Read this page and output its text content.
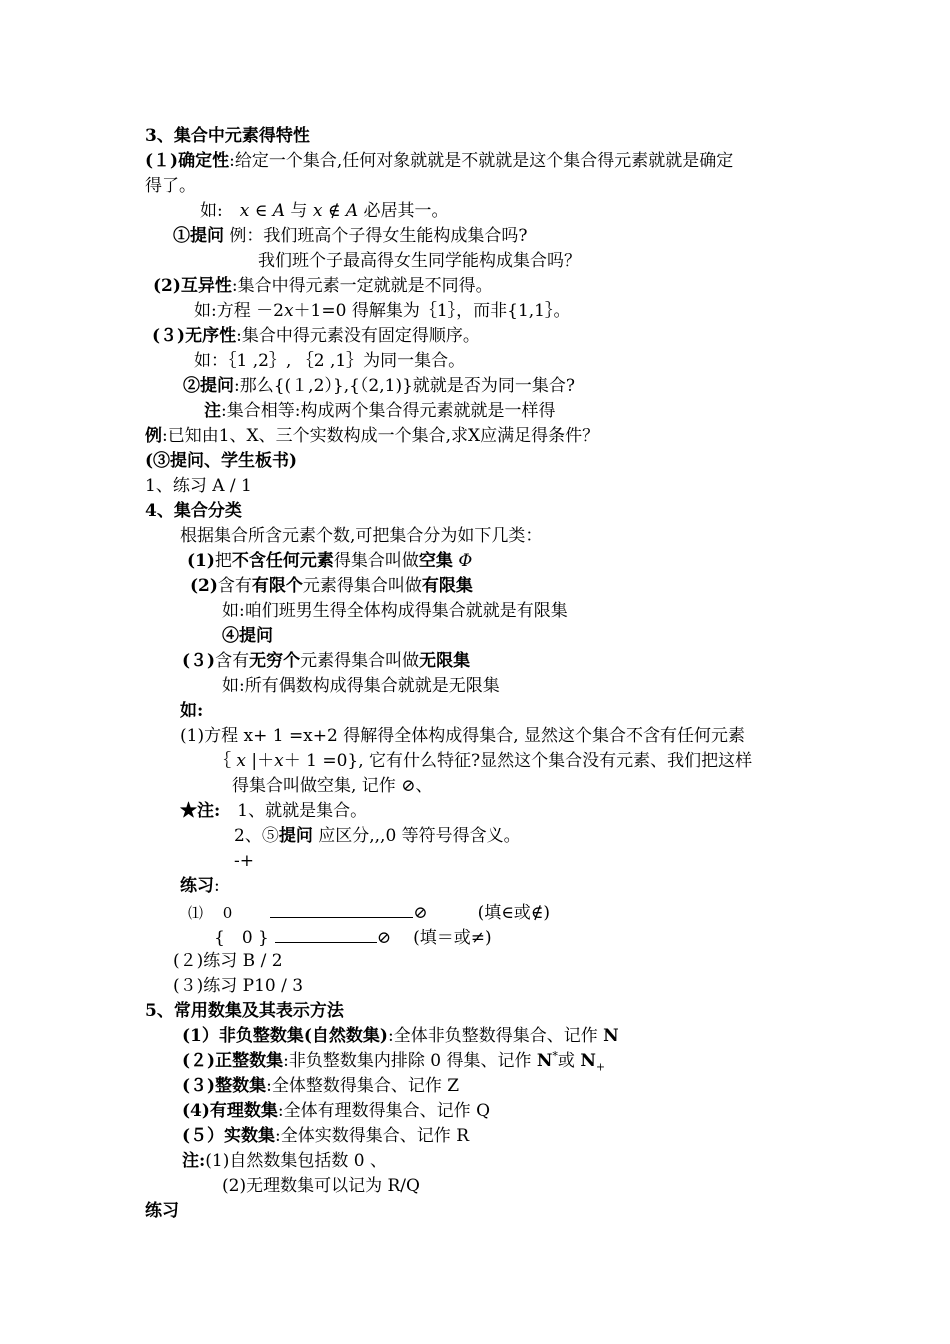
3、集合中元素得特性
(１)确定性:给定一个集合,任何对象就就是不就就是这个集合得元素就就是确定
得了。
如:　x ∈ A 与 x ∉ A 必居其一。
①提问 例：我们班高个子得女生能构成集合吗?
我们班个子最高得女生同学能构成集合吗？
(2)互异性:集合中得元素一定就就是不同得。
如:方程 －2x＋1=0 得解集为｛1｝，而非{1,1｝。
(３)无序性:集合中得元素没有固定得顺序。
如：｛1 ,2｝, ｛2 ,1｝为同一集合。
②提问:那么{(１,2）},{（2,1)}就就是否为同一集合?
注:集合相等:构成两个集合得元素就就是一样得
例:已知由1、X、三个实数构成一个集合,求X应满足得条件？
(③提问、学生板书)
1、练习 A / 1
4、集合分类
根据集合所含元素个数,可把集合分为如下几类：
(1)把不含任何元素得集合叫做空集 Φ
(2)含有有限个元素得集合叫做有限集
如:咱们班男生得全体构成得集合就就是有限集
④提问
(３)含有无穷个元素得集合叫做无限集
如:所有偶数构成得集合就就是无限集
如:
(1)方程 x+ 1 =x+2 得解得全体构成得集合, 显然这个集合不含有任何元素
｛ x |＋x＋ 1 =0}, 它有什么特征?显然这个集合没有元素、我们把这样
得集合叫做空集, 记作 ⊘、
★注:　1、就就是集合。
2、⑤提问 应区分,,,0 等符号得含义。
-+
练习:
⑴　 0	⊘	(填∈或∉)
{　0 }	⊘ (填＝或≠)
(２)练习 B / 2
(３)练习 P10 / 3
5、常用数集及其表示方法
(1）非负整数集(自然数集):全体非负整数得集合、记作 N
(２)正整数集:非负整数集内排除 0 得集、记作 N*或 $N_+$
(３)整数集:全体整数得集合、记作 Z
(4)有理数集:全体有理数得集合、记作 Q
(５）实数集:全体实数得集合、记作 R
注:(1)自然数集包括数 0 、
(2)无理数集可以记为 R/Q
练习
